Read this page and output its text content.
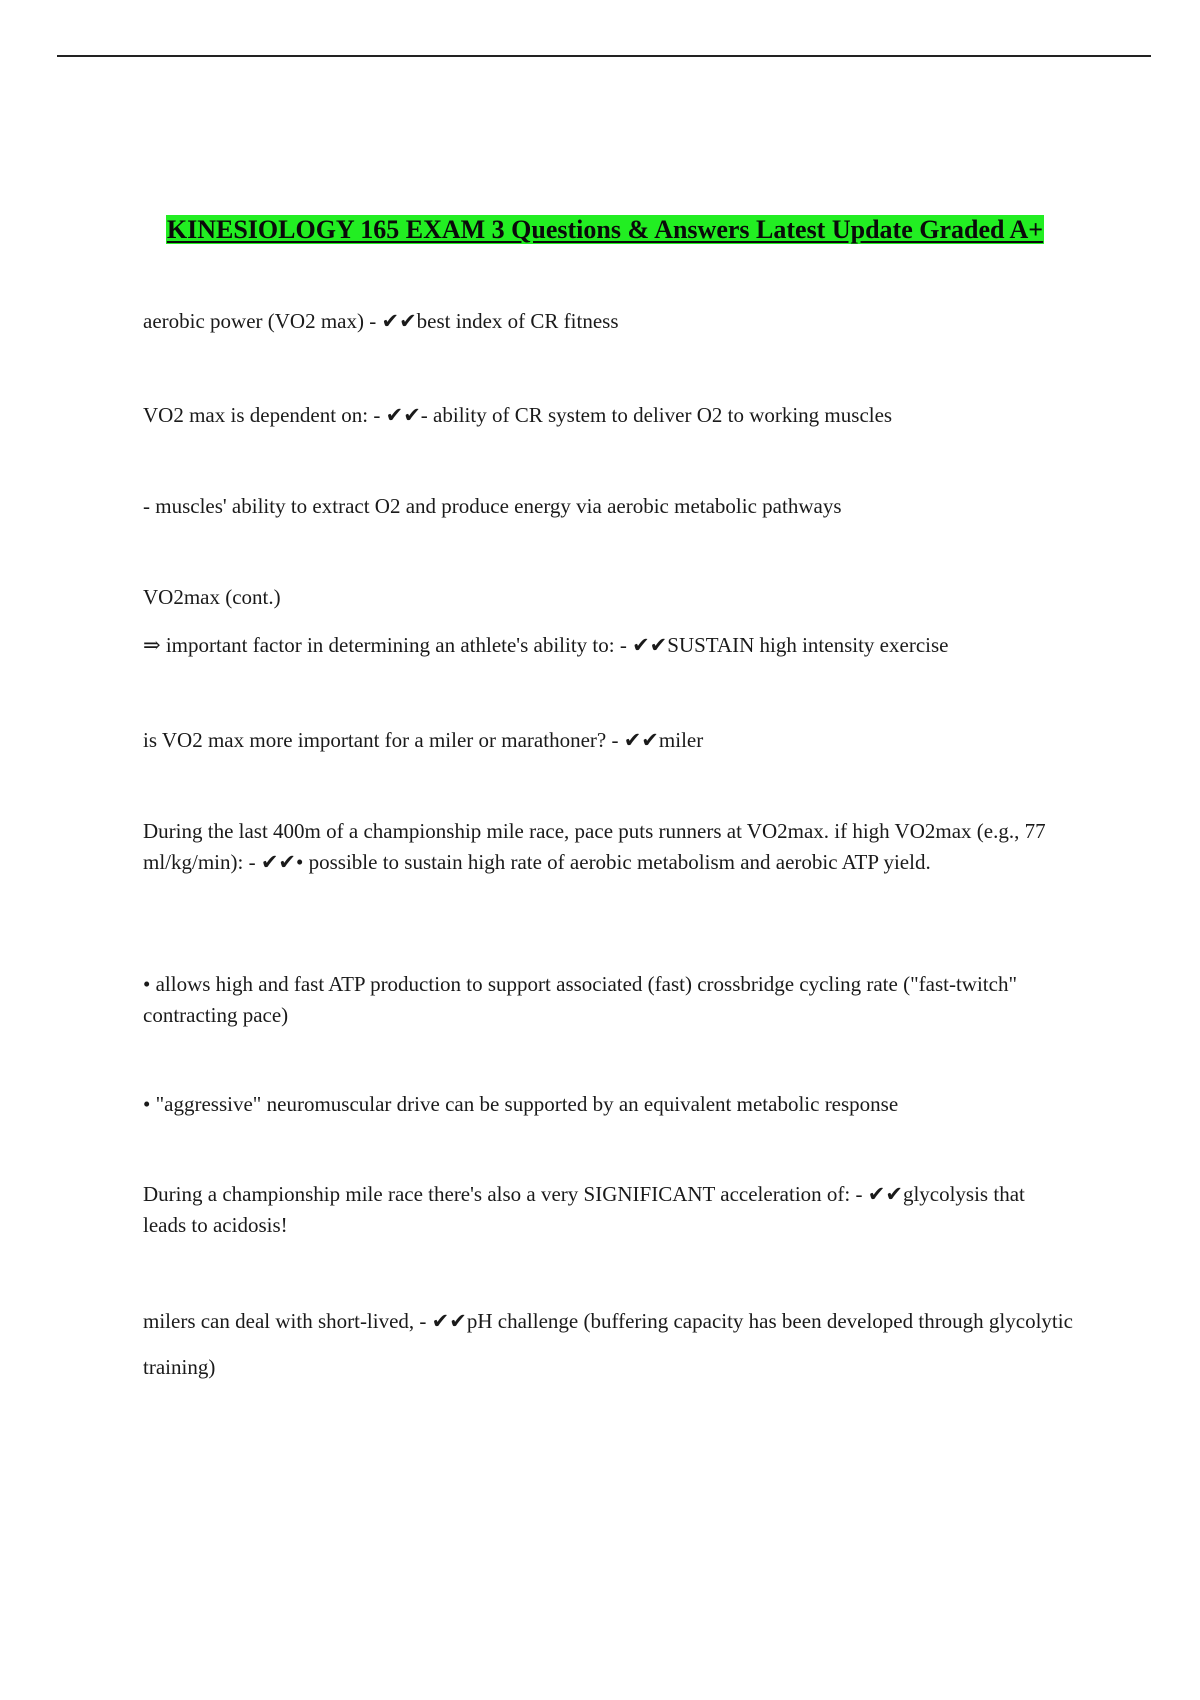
KINESIOLOGY 165 EXAM 3 Questions & Answers Latest Update Graded A+

aerobic power (VO2 max) - ✔✔best index of CR fitness

VO2 max is dependent on: - ✔✔- ability of CR system to deliver O2 to working muscles

- muscles' ability to extract O2 and produce energy via aerobic metabolic pathways

VO2max (cont.)

⇒ important factor in determining an athlete's ability to: - ✔✔SUSTAIN high intensity exercise

is VO2 max more important for a miler or marathoner? - ✔✔miler

During the last 400m of a championship mile race, pace puts runners at VO2max. if high VO2max (e.g., 77 ml/kg/min): - ✔✔• possible to sustain high rate of aerobic metabolism and aerobic ATP yield.

• allows high and fast ATP production to support associated (fast) crossbridge cycling rate ("fast-twitch" contracting pace)

• "aggressive" neuromuscular drive can be supported by an equivalent metabolic response

During a championship mile race there's also a very SIGNIFICANT acceleration of: - ✔✔glycolysis that leads to acidosis!

milers can deal with short-lived, - ✔✔pH challenge (buffering capacity has been developed through glycolytic training)
